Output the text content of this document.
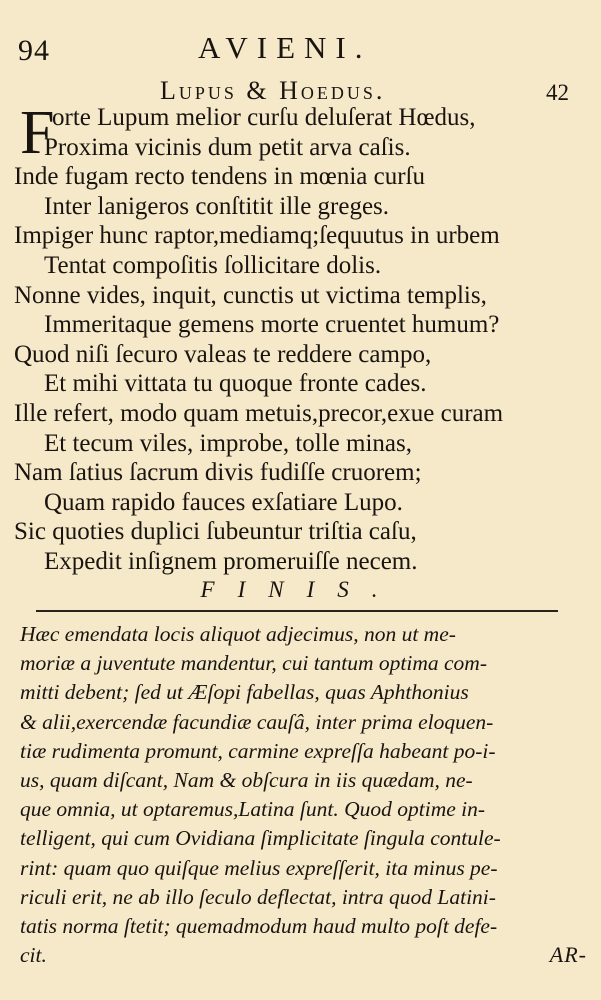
94	AVIENI.
Lupus & Hoedus.	42
F
orte Lupum melior curſu deluſerat Hœdus,
Proxima vicinis dum petit arva caſis.
Inde fugam recto tendens in mœnia curſu
Inter lanigeros conſtitit ille greges.
Impiger hunc raptor,mediamq;ſequutus in urbem
Tentat compoſitis ſollicitare dolis.
Nonne vides, inquit, cunctis ut victima templis,
Immeritaque gemens morte cruentet humum?
Quod niſi ſecuro valeas te reddere campo,
Et mihi vittata tu quoque fronte cades.
Ille refert, modo quam metuis,precor,exue curam
Et tecum viles, improbe, tolle minas,
Nam ſatius ſacrum divis fudiſſe cruorem;
Quam rapido fauces exſatiare Lupo.
Sic quoties duplici ſubeuntur triſtia caſu,
Expedit inſignem promeruiſſe necem.
FINIS.
Hæc emendata locis aliquot adjecimus, non ut me-
moriæ a juventute mandentur, cui tantum optima com-
mitti debent; ſed ut Æſopi fabellas, quas Aphthonius
& alii,exercendæ facundiæ cauſâ, inter prima eloquen-
tiæ rudimenta promunt, carmine expreſſa habeant po-i-
us, quam diſcant, Nam & obſcura in iis quædam, ne-
que omnia, ut optaremus,Latina ſunt. Quod optime in-
telligent, qui cum Ovidiana ſimplicitate ſingula contule-
rint: quam quo quiſque melius expreſſerit, ita minus pe-
riculi erit, ne ab illo ſeculo deflectat, intra quod Latini-
tatis norma ſtetit; quemadmodum haud multo poſt defe-
cit.	AR-
